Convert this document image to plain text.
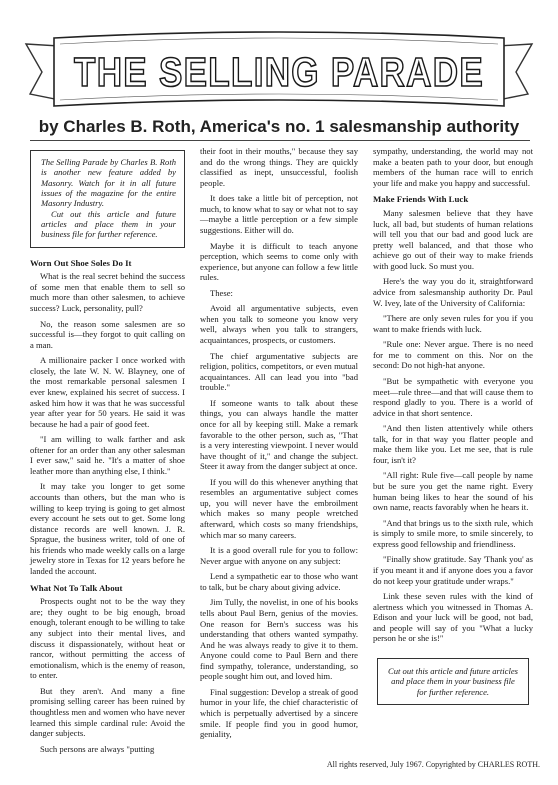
THE SELLING PARADE
by Charles B. Roth, America's no. 1 salesmanship authority

The Selling Parade by Charles B. Roth is another new feature added by Masonry. Watch for it in all future issues of the magazine for the entire Masonry Industry.
Cut out this article and future articles and place them in your business file for further reference.

Worn Out Shoe Soles Do It

What is the real secret behind the success of some men that enable them to sell so much more than other salesmen, to achieve success? Luck, personality, pull?

No, the reason some salesmen are so successful is—they forgot to quit calling on a man.

A millionaire packer I once worked with closely, the late W. N. W. Blayney, one of the most remarkable personal salesmen I ever knew, explained his secret of success. I asked him how it was that he was successful year after year for 50 years. He said it was because he had a pair of good feet.

"I am willing to walk farther and ask oftener for an order than any other salesman I ever saw," said he. "It's a matter of shoe leather more than anything else, I think."

It may take you longer to get some accounts than others, but the man who is willing to keep trying is going to get almost every account he sets out to get. Some long distance records are well known. J. R. Sprague, the business writer, told of one of his friends who made weekly calls on a large jewelry store in Texas for 12 years before he landed the account.

What Not To Talk About

Prospects ought not to be the way they are; they ought to be big enough, broad enough, tolerant enough to be willing to take any subject into their mental lives, and discuss it dispassionately, without heat or rancor, without permitting the access of emotionalism, which is the enemy of reason, to enter.

But they aren't. And many a fine promising selling career has been ruined by thoughtless men and women who have never learned this simple cardinal rule: Avoid the danger subjects.

Such persons are always "putting

their foot in their mouths," because they say and do the wrong things. They are quickly classified as inept, unsuccessful, foolish people.

It does take a little bit of perception, not much, to know what to say or what not to say—maybe a little perception or a few simple suggestions. Either will do.

Maybe it is difficult to teach anyone perception, which seems to come only with experience, but anyone can follow a few little rules.

These:

Avoid all argumentative subjects, even when you talk to someone you know very well, always when you talk to strangers, acquaintances, prospects, or customers.

The chief argumentative subjects are religion, politics, competitors, or even mutual acquaintances. All can lead you into "bad trouble."

If someone wants to talk about these things, you can always handle the matter once for all by keeping still. Make a remark favorable to the other person, such as, "That is a very interesting viewpoint. I never would have thought of it," and change the subject. Steer it away from the danger subject at once.

If you will do this whenever anything that resembles an argumentative subject comes up, you will never have the embroilment which makes so many people wretched afterward, which costs so many friendships, which mar so many careers.

It is a good overall rule for you to follow: Never argue with anyone on any subject:

Lend a sympathetic ear to those who want to talk, but be chary about giving advice.

Jim Tully, the novelist, in one of his books tells about Paul Bern, genius of the movies. One reason for Bern's success was his understanding that others wanted sympathy. And he was always ready to give it to them. Anyone could come to Paul Bern and there find sympathy, tolerance, understanding, so people sought him out, and loved him.

Final suggestion: Develop a streak of good humor in your life, the chief characteristic of which is perpetually advertised by a sincere smile. If people find you in good humor, geniality,

sympathy, understanding, the world may not make a beaten path to your door, but enough members of the human race will to enrich your life and make you happy and successful.

Make Friends With Luck

Many salesmen believe that they have luck, all bad, but students of human relations will tell you that our bad and good luck are pretty well balanced, and that those who achieve go out of their way to make friends with good luck. So must you.

Here's the way you do it, straightforward advice from salesmanship authority Dr. Paul W. Ivey, late of the University of California:

"There are only seven rules for you if you want to make friends with luck.

"Rule one: Never argue. There is no need for me to comment on this. Nor on the second: Do not high-hat anyone.

"But be sympathetic with everyone you meet—rule three—and that will cause them to respond gladly to you. There is a world of advice in that short sentence.

"And then listen attentively while others talk, for in that way you flatter people and make them like you. Let me see, that is rule four, isn't it?

"All right: Rule five—call people by name but be sure you get the name right. Every human being likes to hear the sound of his own name, reacts favorably when he hears it.

"And that brings us to the sixth rule, which is simply to smile more, to smile sincerely, to express good fellowship and friendliness.

"Finally show gratitude. Say 'Thank you' as if you meant it and if anyone does you a favor do not keep your gratitude under wraps."

Link these seven rules with the kind of alertness which you witnessed in Thomas A. Edison and your luck will be good, not bad, and people will say of you "What a lucky person he or she is!"

Cut out this article and future articles and place them in your business file for further reference.

All rights reserved, July 1967. Copyrighted by CHARLES ROTH.
